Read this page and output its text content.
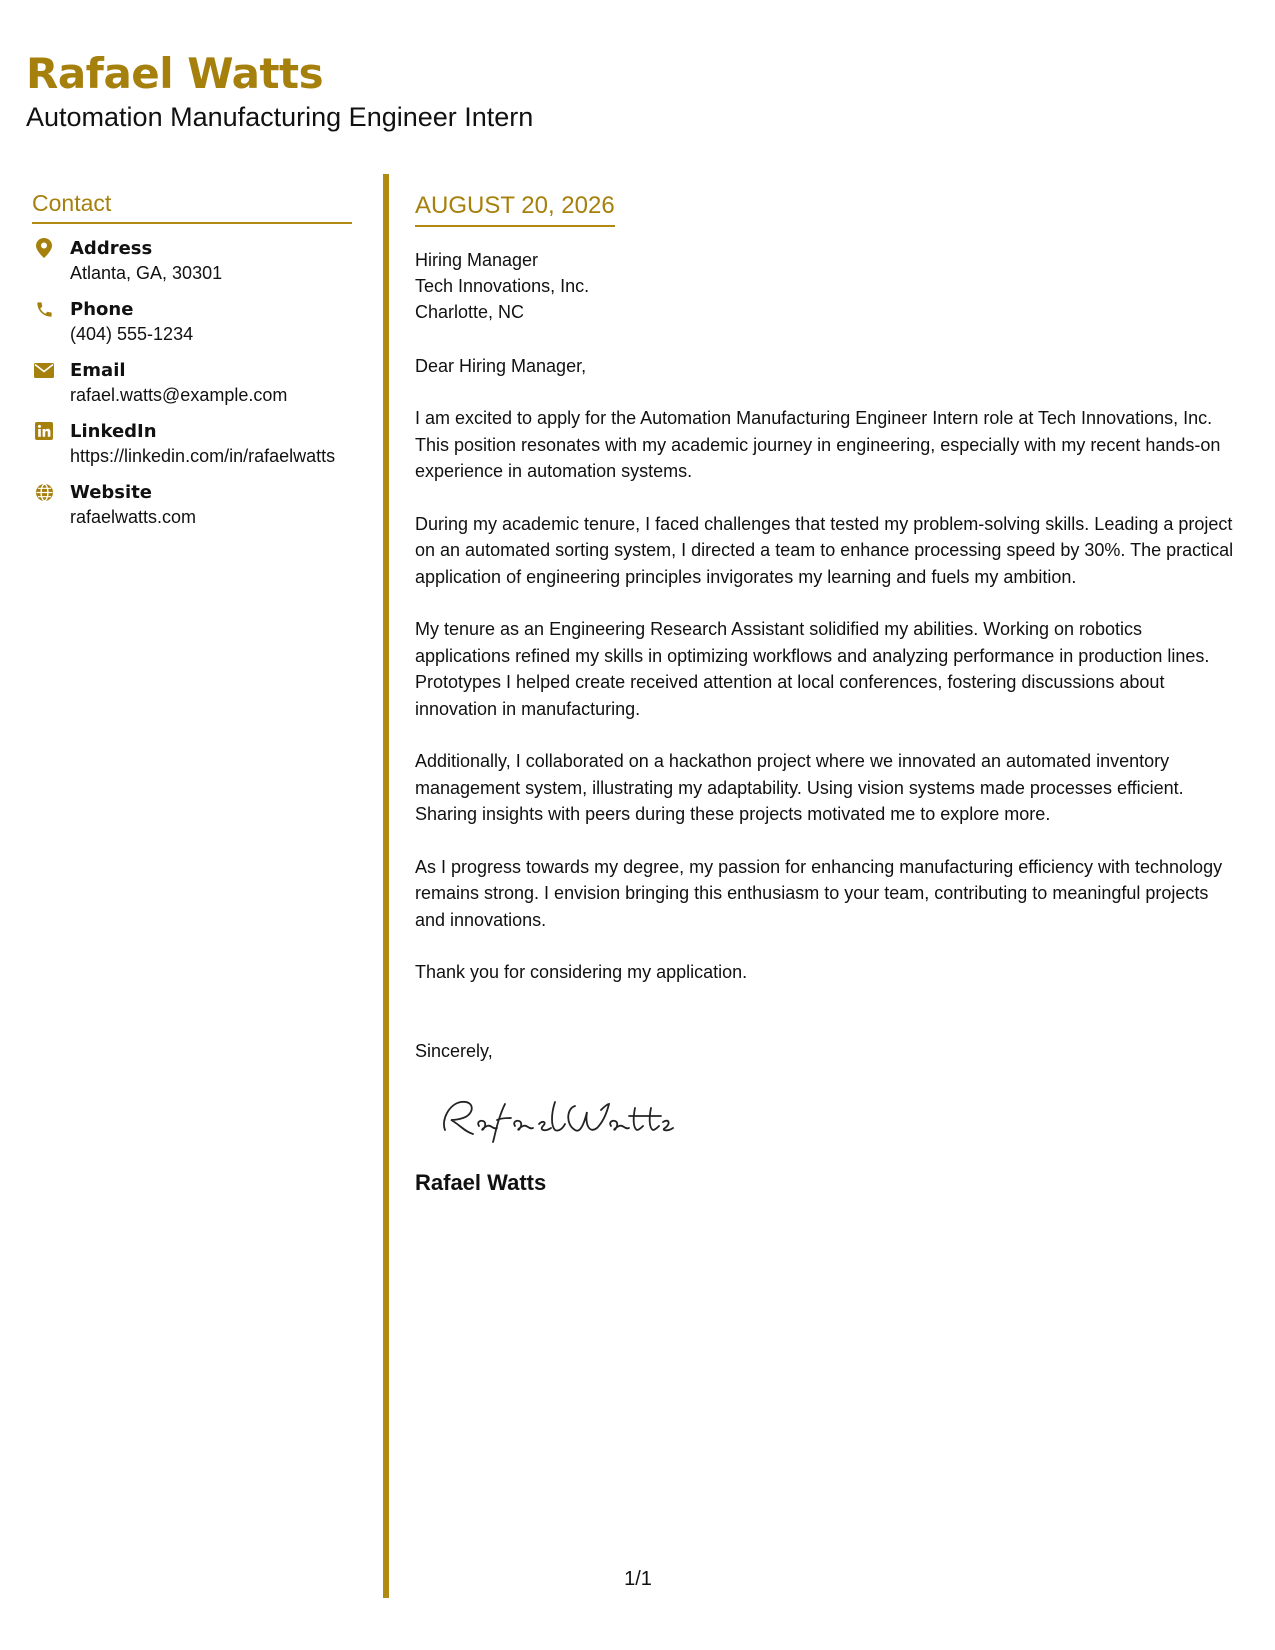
Rafael Watts
Automation Manufacturing Engineer Intern
Contact
Address
Atlanta, GA, 30301
Phone
(404) 555-1234
Email
rafael.watts@example.com
LinkedIn
https://linkedin.com/in/rafaelwatts
Website
rafaelwatts.com
AUGUST 20, 2026
Hiring Manager
Tech Innovations, Inc.
Charlotte, NC
Dear Hiring Manager,
I am excited to apply for the Automation Manufacturing Engineer Intern role at Tech Innovations, Inc. This position resonates with my academic journey in engineering, especially with my recent hands-on experience in automation systems.
During my academic tenure, I faced challenges that tested my problem-solving skills. Leading a project on an automated sorting system, I directed a team to enhance processing speed by 30%. The practical application of engineering principles invigorates my learning and fuels my ambition.
My tenure as an Engineering Research Assistant solidified my abilities. Working on robotics applications refined my skills in optimizing workflows and analyzing performance in production lines. Prototypes I helped create received attention at local conferences, fostering discussions about innovation in manufacturing.
Additionally, I collaborated on a hackathon project where we innovated an automated inventory management system, illustrating my adaptability. Using vision systems made processes efficient. Sharing insights with peers during these projects motivated me to explore more.
As I progress towards my degree, my passion for enhancing manufacturing efficiency with technology remains strong. I envision bringing this enthusiasm to your team, contributing to meaningful projects and innovations.
Thank you for considering my application.
Sincerely,
Rafael Watts
1/1
